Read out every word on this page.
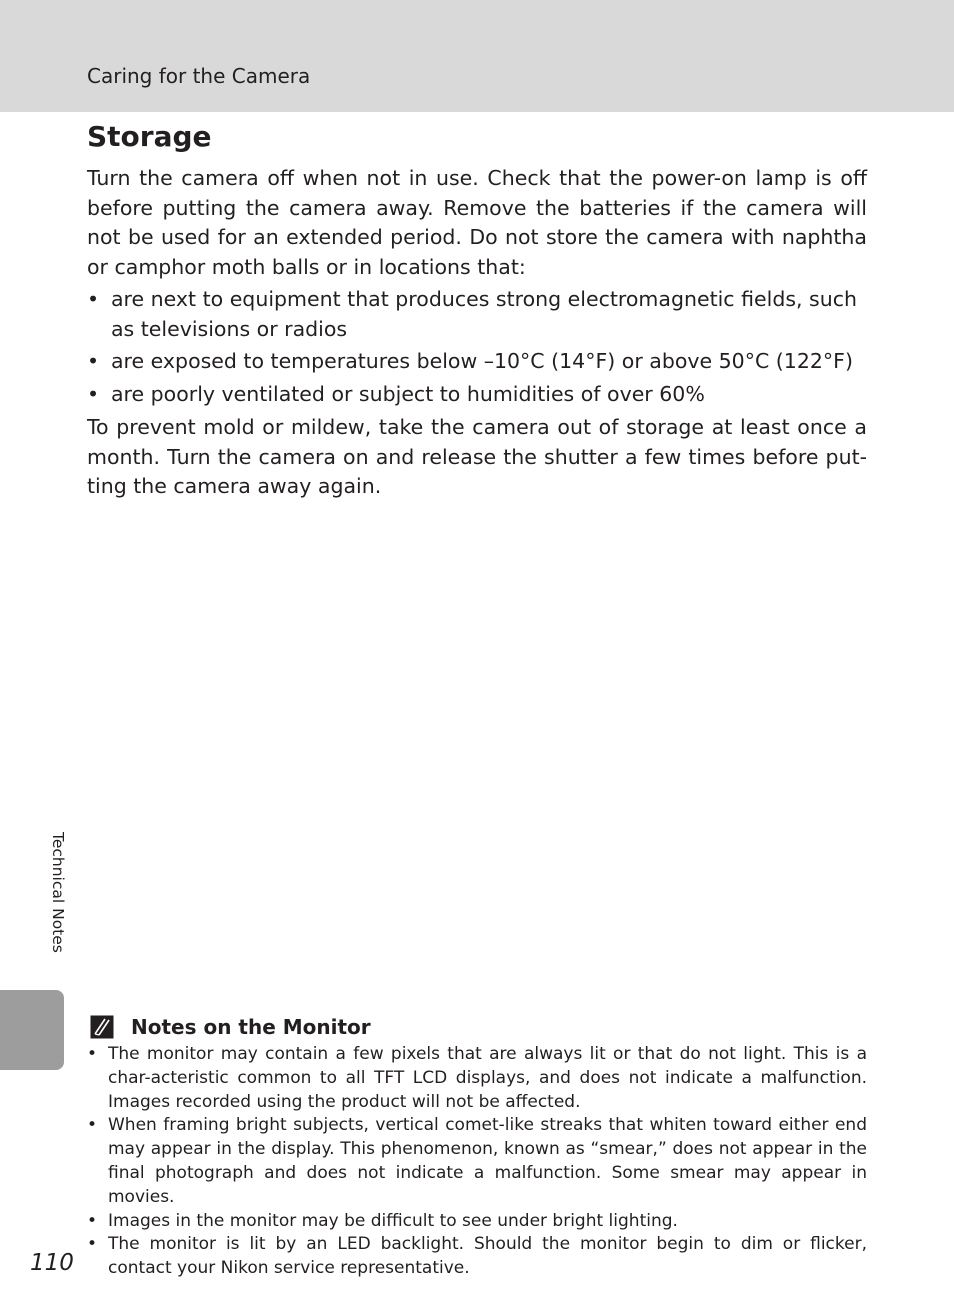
Caring for the Camera
Storage

Turn the camera off when not in use. Check that the power-on lamp is off before putting the camera away. Remove the batteries if the camera will not be used for an extended period. Do not store the camera with naphtha or camphor moth balls or in locations that:

• are next to equipment that produces strong electromagnetic fields, such as televisions or radios
• are exposed to temperatures below –10°C (14°F) or above 50°C (122°F)
• are poorly ventilated or subject to humidities of over 60%

To prevent mold or mildew, take the camera out of storage at least once a month. Turn the camera on and release the shutter a few times before put-ting the camera away again.

Technical Notes
Notes on the Monitor
• The monitor may contain a few pixels that are always lit or that do not light. This is a char-acteristic common to all TFT LCD displays, and does not indicate a malfunction. Images recorded using the product will not be affected.
• When framing bright subjects, vertical comet-like streaks that whiten toward either end may appear in the display. This phenomenon, known as “smear,” does not appear in the final photograph and does not indicate a malfunction. Some smear may appear in movies.
• Images in the monitor may be difficult to see under bright lighting.
• The monitor is lit by an LED backlight. Should the monitor begin to dim or flicker, contact your Nikon service representative.
110
